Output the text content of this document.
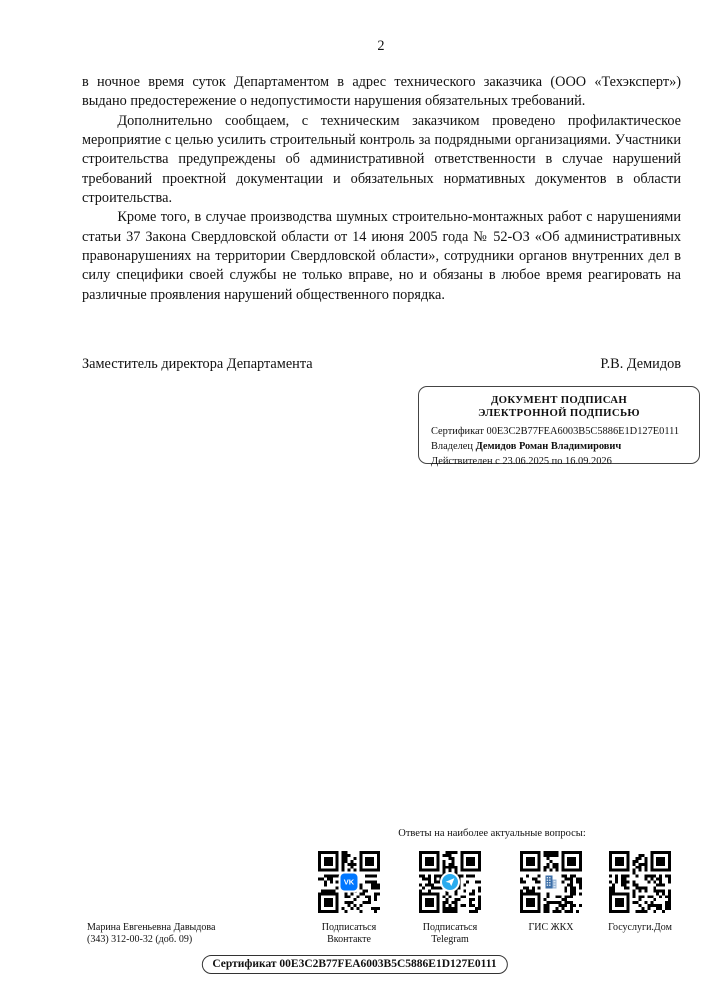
2

в ночное время суток Департаментом в адрес технического заказчика (ООО «Техэксперт») выдано предостережение о недопустимости нарушения обязательных требований.

Дополнительно сообщаем, с техническим заказчиком проведено профилактическое мероприятие с целью усилить строительный контроль за подрядными организациями. Участники строительства предупреждены об административной ответственности в случае нарушений требований проектной документации и обязательных нормативных документов в области строительства.

Кроме того, в случае производства шумных строительно-монтажных работ с нарушениями статьи 37 Закона Свердловской области от 14 июня 2005 года № 52-ОЗ «Об административных правонарушениях на территории Свердловской области», сотрудники органов внутренних дел в силу специфики своей службы не только вправе, но и обязаны в любое время реагировать на различные проявления нарушений общественного порядка.

Заместитель директора Департамента	Р.В. Демидов
ДОКУМЕНТ ПОДПИСАН
ЭЛЕКТРОННОЙ ПОДПИСЬЮ
Сертификат 00E3C2B77FEA6003B5C5886E1D127E0111
Владелец Демидов Роман Владимирович
Действителен с 23.06.2025 по 16.09.2026
Ответы на наиболее актуальные вопросы:
VK
Подписаться
Вконтакте
Подписаться
Telegram
ГИС ЖКХ	Госуслуги.Дом
Марина Евгеньевна Давыдова
(343) 312-00-32 (доб. 09)
Сертификат 00E3C2B77FEA6003B5C5886E1D127E0111
